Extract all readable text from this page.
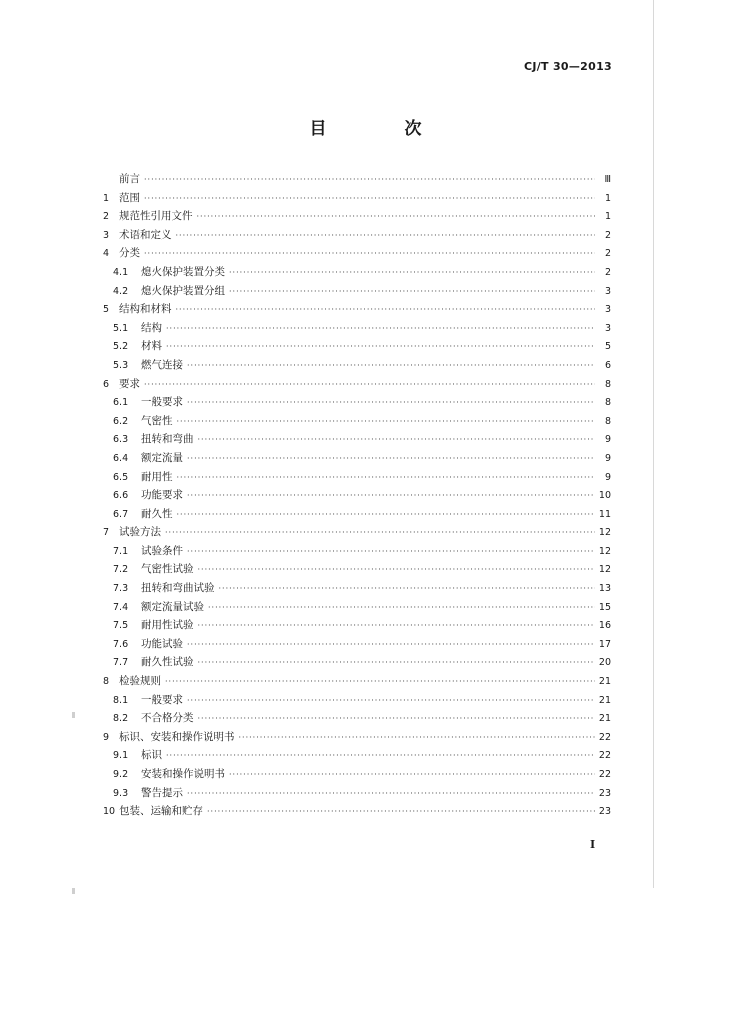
CJ/T 30—2013
目 次
前言 ·····	Ⅲ
1 范围 ·····	1
2 规范性引用文件 ·····	1
3 术语和定义 ·····	2
4 分类 ·····	2
4.1	熄火保护装置分类 ·····	2
4.2	熄火保护装置分组 ·····	3
5 结构和材料 ·····	3
5.1	结构 ·····	3
5.2	材料 ·····	5
5.3	燃气连接 ·····	6
6 要求 ·····	8
6.1	一般要求 ·····	8
6.2	气密性 ·····	8
6.3	扭转和弯曲 ·····	9
6.4	额定流量 ·····	9
6.5	耐用性 ·····	9
6.6	功能要求 ·····	10
6.7	耐久性 ·····	11
7 试验方法 ·····	12
7.1	试验条件 ·····	12
7.2	气密性试验 ·····	12
7.3	扭转和弯曲试验 ·····	13
7.4	额定流量试验 ·····	15
7.5	耐用性试验 ·····	16
7.6	功能试验 ·····	17
7.7	耐久性试验 ·····	20
8 检验规则 ·····	21
8.1	一般要求 ·····	21
8.2	不合格分类 ·····	21
9 标识、安装和操作说明书 ·····	22
9.1	标识 ·····	22
9.2	安装和操作说明书 ·····	22
9.3	警告提示 ·····	23
10 包装、运输和贮存 ·····	23
I
